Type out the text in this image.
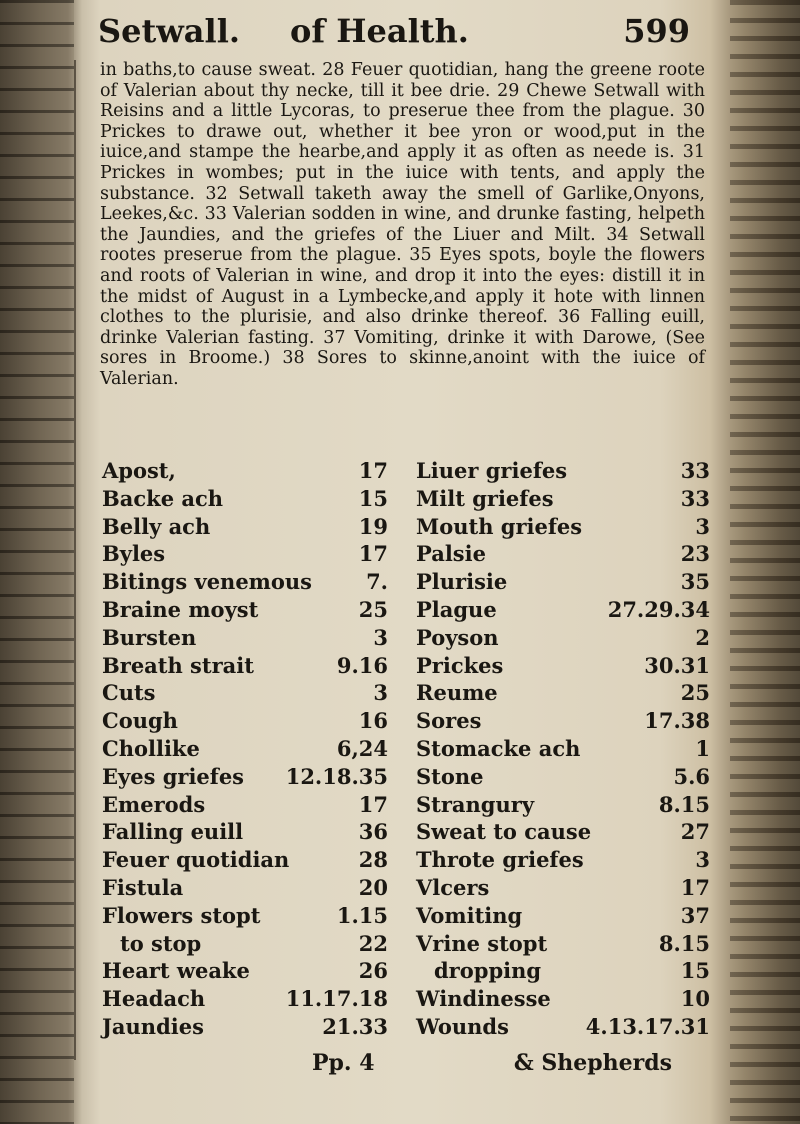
Setwall. of Health.	599
in baths,to cause sweat. 28 Feuer quotidian, hang the greene roote of Valerian about thy necke, till it bee drie. 29 Chewe Setwall with Reisins and a little Lycoras, to preserue thee from the plague. 30 Prickes to drawe out, whether it bee yron or wood,put in the iuice,and stampe the hearbe,and apply it as often as neede is. 31 Prickes in wombes; put in the iuice with tents, and apply the substance. 32 Setwall taketh away the smell of Garlike,Onyons, Leekes,&c. 33 Valerian sodden in wine, and drunke fasting, helpeth the Jaundies, and the griefes of the Liuer and Milt. 34 Setwall rootes preserue from the plague. 35 Eyes spots, boyle the flowers and roots of Valerian in wine, and drop it into the eyes: distill it in the midst of August in a Lymbecke,and apply it hote with linnen clothes to the plurisie, and also drinke thereof. 36 Falling euill, drinke Valerian fasting. 37 Vomiting, drinke it with Darowe, (See sores in Broome.) 38 Sores to skinne,anoint with the iuice of Valerian.
Apost,	17
Backe ach	15
Belly ach	19
Byles	17
Bitings venemous	7.
Braine moyst	25
Bursten	3
Breath strait	9.16
Cuts	3
Cough	16
Chollike	6,24
Eyes griefes 12.18.35
Emerods	17
Falling euill	36
Feuer quotidian	28
Fistula	20
Flowers stopt	1.15
to stop	22
Heart weake	26
Headach	11.17.18
Jaundies	21.33
Liuer griefes	33
Milt griefes	33
Mouth griefes	3
Palsie	23
Plurisie	35
Plague	27.29.34
Poyson	2
Prickes	30.31
Reume	25
Sores	17.38
Stomacke ach	1
Stone	5.6
Strangury	8.15
Sweat to cause	27
Throte griefes	3
Vlcers	17
Vomiting	37
Vrine stopt	8.15
dropping	15
Windinesse	10
Wounds	4.13.17.31
Pp. 4	& Shepherds
